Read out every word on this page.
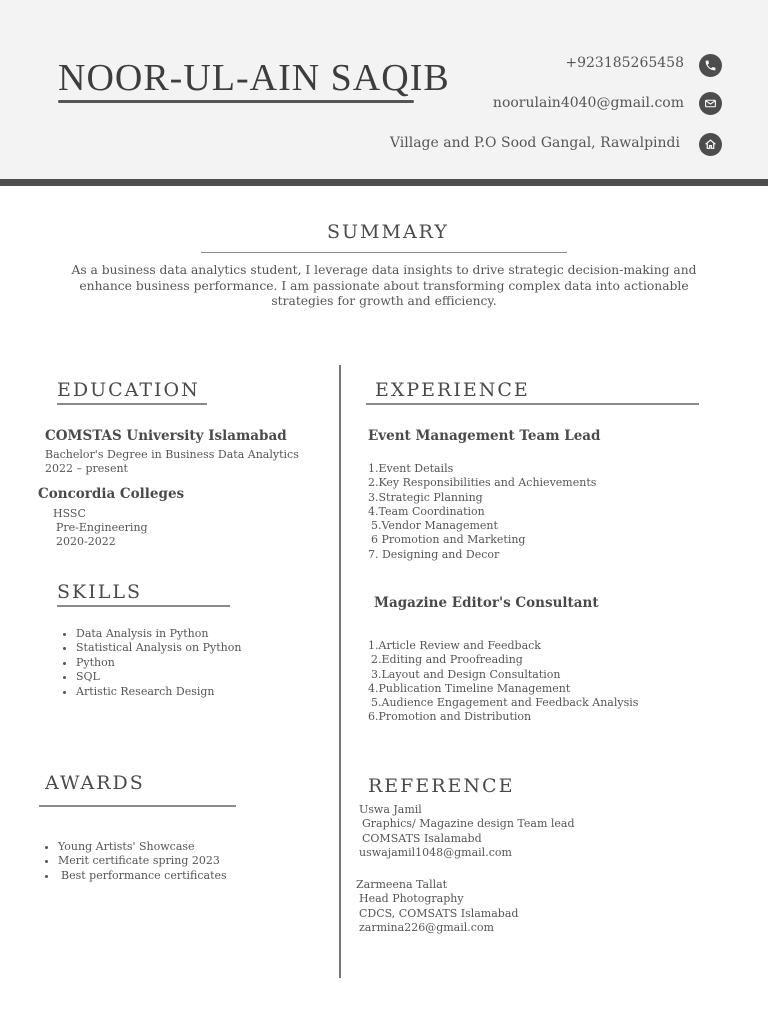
NOOR-UL-AIN SAQIB	+923185265458
noorulain4040@gmail.com
Village and P.O Sood Gangal, Rawalpindi
SUMMARY

As a business data analytics student, I leverage data insights to drive strategic decision-making and enhance business performance. I am passionate about transforming complex data into actionable strategies for growth and efficiency.

EDUCATION
COMSTAS University Islamabad
Bachelor's Degree in Business Data Analytics
2022 – present
Concordia Colleges
HSSC
Pre-Engineering
2020-2022
SKILLS
• Data Analysis in Python
• Statistical Analysis on Python
• Python
• SQL
• Artistic Research Design
AWARDS
• Young Artists' Showcase
• Merit certificate spring 2023
• Best performance certificates
EXPERIENCE
Event Management Team Lead
1.Event Details
2.Key Responsibilities and Achievements
3.Strategic Planning
4.Team Coordination
5.Vendor Management
6 Promotion and Marketing
7. Designing and Decor
Magazine Editor's Consultant
1.Article Review and Feedback
2.Editing and Proofreading
3.Layout and Design Consultation
4.Publication Timeline Management
5.Audience Engagement and Feedback Analysis
6.Promotion and Distribution
REFERENCE
Uswa Jamil
Graphics/ Magazine design Team lead
COMSATS Isalamabd
uswajamil1048@gmail.com
Zarmeena Tallat
Head Photography
CDCS, COMSATS Islamabad
zarmina226@gmail.com
